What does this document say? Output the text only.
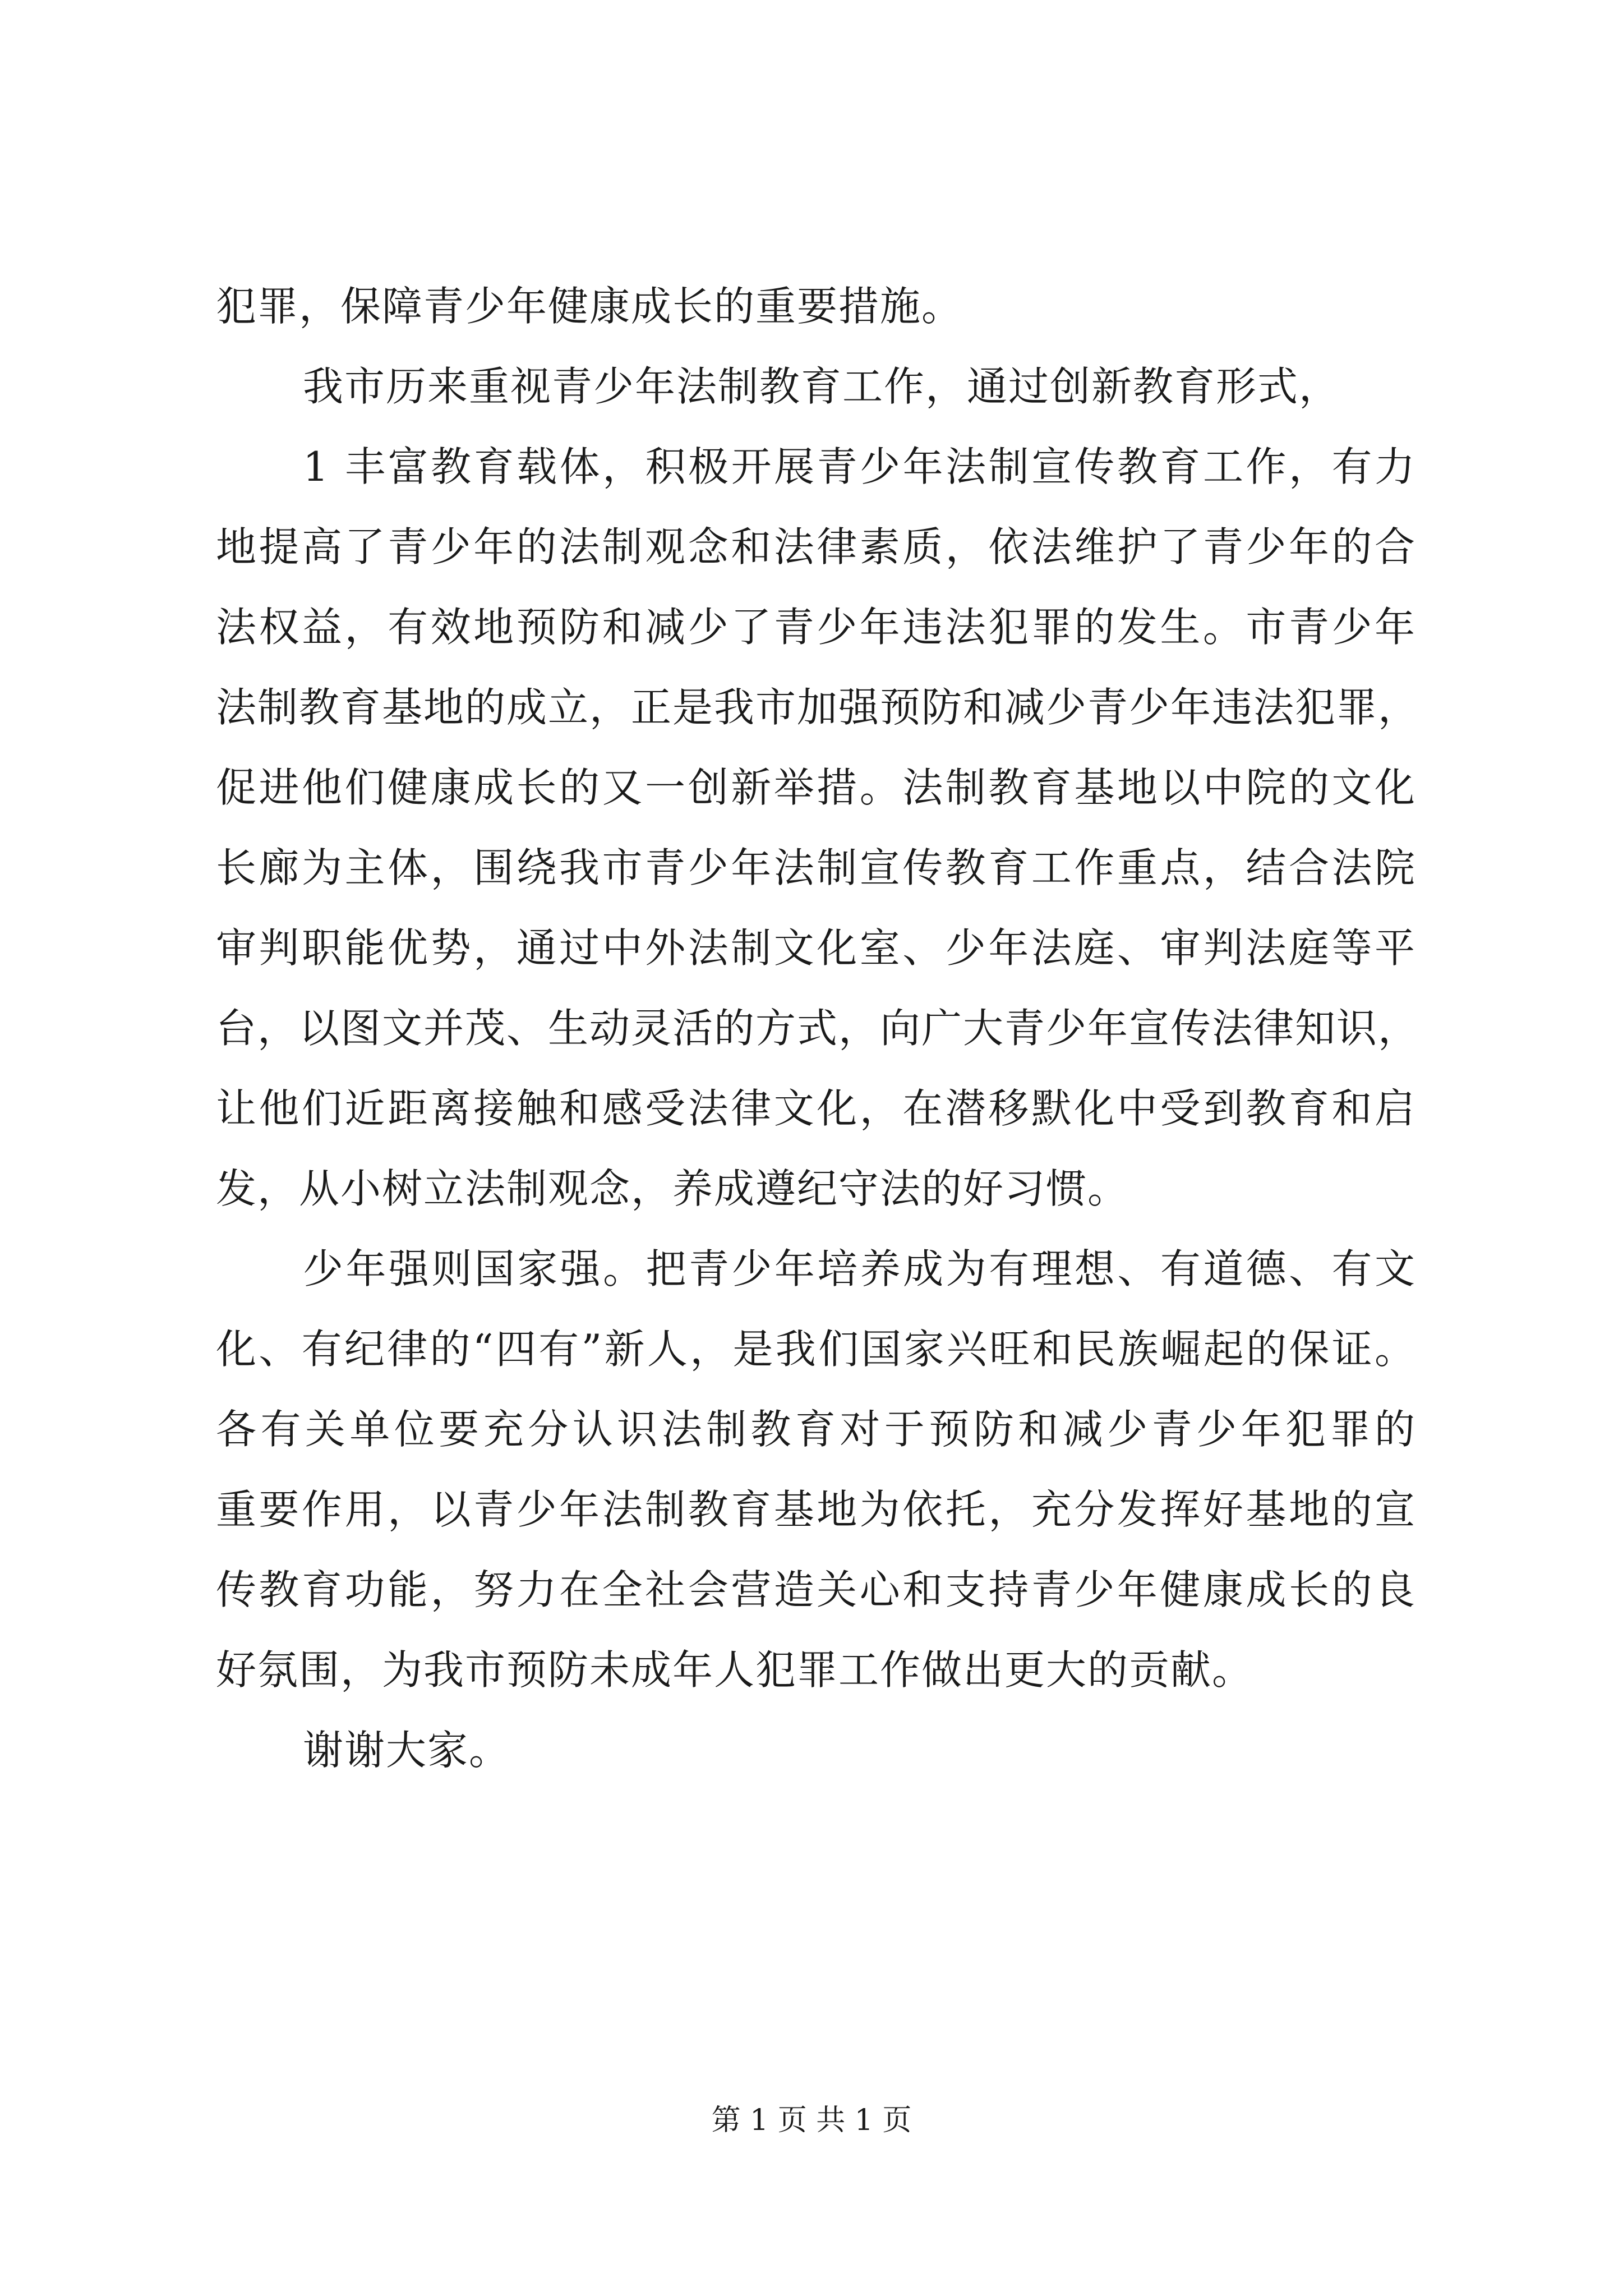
犯罪，保障青少年健康成长的重要措施。
我市历来重视青少年法制教育工作，通过创新教育形式，
1 丰富教育载体，积极开展青少年法制宣传教育工作，有力
地提高了青少年的法制观念和法律素质，依法维护了青少年的合
法权益，有效地预防和减少了青少年违法犯罪的发生。市青少年
法制教育基地的成立，正是我市加强预防和减少青少年违法犯罪，
促进他们健康成长的又一创新举措。法制教育基地以中院的文化
长廊为主体，围绕我市青少年法制宣传教育工作重点，结合法院
审判职能优势，通过中外法制文化室、少年法庭、审判法庭等平
台，以图文并茂、生动灵活的方式，向广大青少年宣传法律知识，
让他们近距离接触和感受法律文化，在潜移默化中受到教育和启
发，从小树立法制观念，养成遵纪守法的好习惯。
少年强则国家强。把青少年培养成为有理想、有道德、有文
化、有纪律的“四有”新人，是我们国家兴旺和民族崛起的保证。
各有关单位要充分认识法制教育对于预防和减少青少年犯罪的
重要作用，以青少年法制教育基地为依托，充分发挥好基地的宣
传教育功能，努力在全社会营造关心和支持青少年健康成长的良
好氛围，为我市预防未成年人犯罪工作做出更大的贡献。
谢谢大家。
第 1 页 共 1 页
